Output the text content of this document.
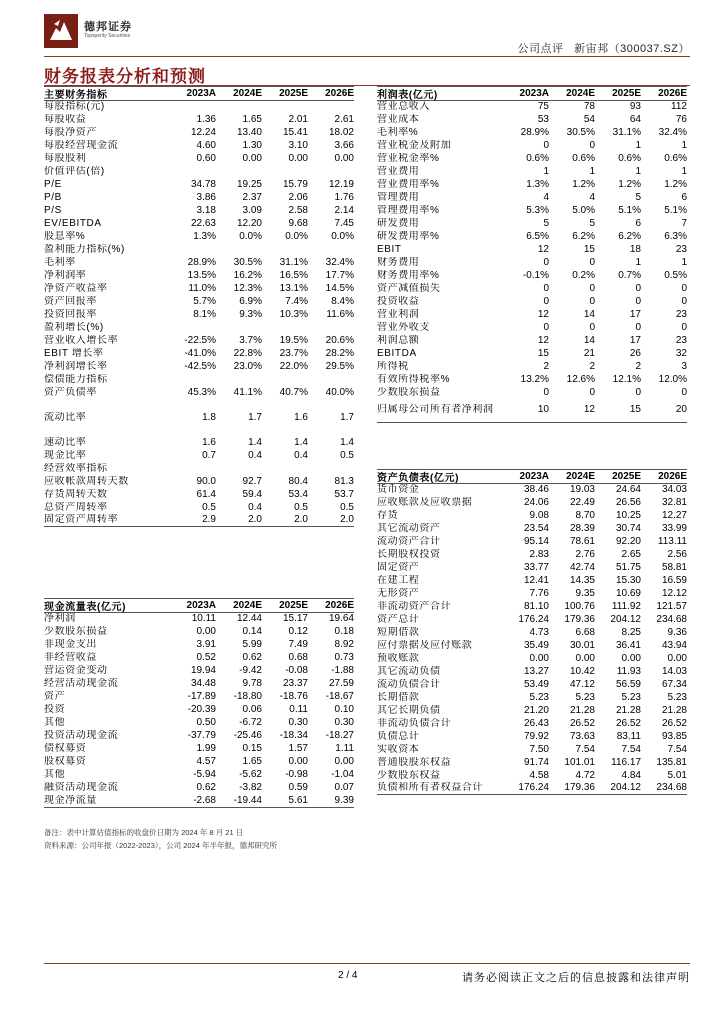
德邦证券
Topsperity Securities
公司点评 新宙邦（300037.SZ）
财务报表分析和预测
主要财务指标	2023A	2024E	2025E	2026E
每股指标(元)
每股收益	1.36	1.65	2.01	2.61
每股净资产	12.24	13.40	15.41	18.02
每股经营现金流	4.60	1.30	3.10	3.66
每股股利	0.60	0.00	0.00	0.00
价值评估(倍)
P/E	34.78	19.25	15.79	12.19
P/B	3.86	2.37	2.06	1.76
P/S	3.18	3.09	2.58	2.14
EV/EBITDA	22.63	12.20	9.68	7.45
股息率%	1.3%	0.0%	0.0%	0.0%
盈利能力指标(%)
毛利率	28.9%	30.5%	31.1%	32.4%
净利润率	13.5%	16.2%	16.5%	17.7%
净资产收益率	11.0%	12.3%	13.1%	14.5%
资产回报率	5.7%	6.9%	7.4%	8.4%
投资回报率	8.1%	9.3%	10.3%	11.6%
盈利增长(%)
营业收入增长率	-22.5%	3.7%	19.5%	20.6%
EBIT 增长率	-41.0%	22.8%	23.7%	28.2%
净利润增长率	-42.5%	23.0%	22.0%	29.5%
偿债能力指标
资产负债率	45.3%	41.1%	40.7%	40.0%
流动比率	1.8	1.7	1.6	1.7
速动比率	1.6	1.4	1.4	1.4
现金比率	0.7	0.4	0.4	0.5
经营效率指标
应收帐款周转天数	90.0	92.7	80.4	81.3
存货周转天数	61.4	59.4	53.4	53.7
总资产周转率	0.5	0.4	0.5	0.5
固定资产周转率	2.9	2.0	2.0	2.0
现金流量表(亿元)	2023A	2024E	2025E	2026E
净利润	10.11	12.44	15.17	19.64
少数股东损益	0.00	0.14	0.12	0.18
非现金支出	3.91	5.99	7.49	8.92
非经营收益	0.52	0.62	0.68	0.73
营运资金变动	19.94	-9.42	-0.08	-1.88
经营活动现金流	34.48	9.78	23.37	27.59
资产	-17.89	-18.80	-18.76	-18.67
投资	-20.39	0.06	0.11	0.10
其他	0.50	-6.72	0.30	0.30
投资活动现金流	-37.79	-25.46	-18.34	-18.27
债权募资	1.99	0.15	1.57	1.11
股权募资	4.57	1.65	0.00	0.00
其他	-5.94	-5.62	-0.98	-1.04
融资活动现金流	0.62	-3.82	0.59	0.07
现金净流量	-2.68	-19.44	5.61	9.39
利润表(亿元)	2023A	2024E	2025E	2026E
营业总收入	75	78	93	112
营业成本	53	54	64	76
毛利率%	28.9%	30.5%	31.1%	32.4%
营业税金及附加	0	0	1	1
营业税金率%	0.6%	0.6%	0.6%	0.6%
营业费用	1	1	1	1
营业费用率%	1.3%	1.2%	1.2%	1.2%
管理费用	4	4	5	6
管理费用率%	5.3%	5.0%	5.1%	5.1%
研发费用	5	5	6	7
研发费用率%	6.5%	6.2%	6.2%	6.3%
EBIT	12	15	18	23
财务费用	0	0	1	1
财务费用率%	-0.1%	0.2%	0.7%	0.5%
资产减值损失	0	0	0	0
投资收益	0	0	0	0
营业利润	12	14	17	23
营业外收支	0	0	0	0
利润总额	12	14	17	23
EBITDA	15	21	26	32
所得税	2	2	2	3
有效所得税率%	13.2%	12.6%	12.1%	12.0%
少数股东损益	0	0	0	0
归属母公司所有者净利润	10	12	15	20
资产负债表(亿元)	2023A	2024E	2025E	2026E
货币资金	38.46	19.03	24.64	34.03
应收账款及应收票据	24.06	22.49	26.56	32.81
存货	9.08	8.70	10.25	12.27
其它流动资产	23.54	28.39	30.74	33.99
流动资产合计	95.14	78.61	92.20	113.11
长期股权投资	2.83	2.76	2.65	2.56
固定资产	33.77	42.74	51.75	58.81
在建工程	12.41	14.35	15.30	16.59
无形资产	7.76	9.35	10.69	12.12
非流动资产合计	81.10	100.76	111.92	121.57
资产总计	176.24	179.36	204.12	234.68
短期借款	4.73	6.68	8.25	9.36
应付票据及应付账款	35.49	30.01	36.41	43.94
预收账款	0.00	0.00	0.00	0.00
其它流动负债	13.27	10.42	11.93	14.03
流动负债合计	53.49	47.12	56.59	67.34
长期借款	5.23	5.23	5.23	5.23
其它长期负债	21.20	21.28	21.28	21.28
非流动负债合计	26.43	26.52	26.52	26.52
负债总计	79.92	73.63	83.11	93.85
实收资本	7.50	7.54	7.54	7.54
普通股股东权益	91.74	101.01	116.17	135.81
少数股东权益	4.58	4.72	4.84	5.01
负债和所有者权益合计	176.24	179.36	204.12	234.68
备注：表中计算估值指标的收盘价日期为 2024 年 8 月 21 日
资料来源：公司年报（2022-2023），公司 2024 年半年报，德邦研究所
2 / 4	请务必阅读正文之后的信息披露和法律声明
